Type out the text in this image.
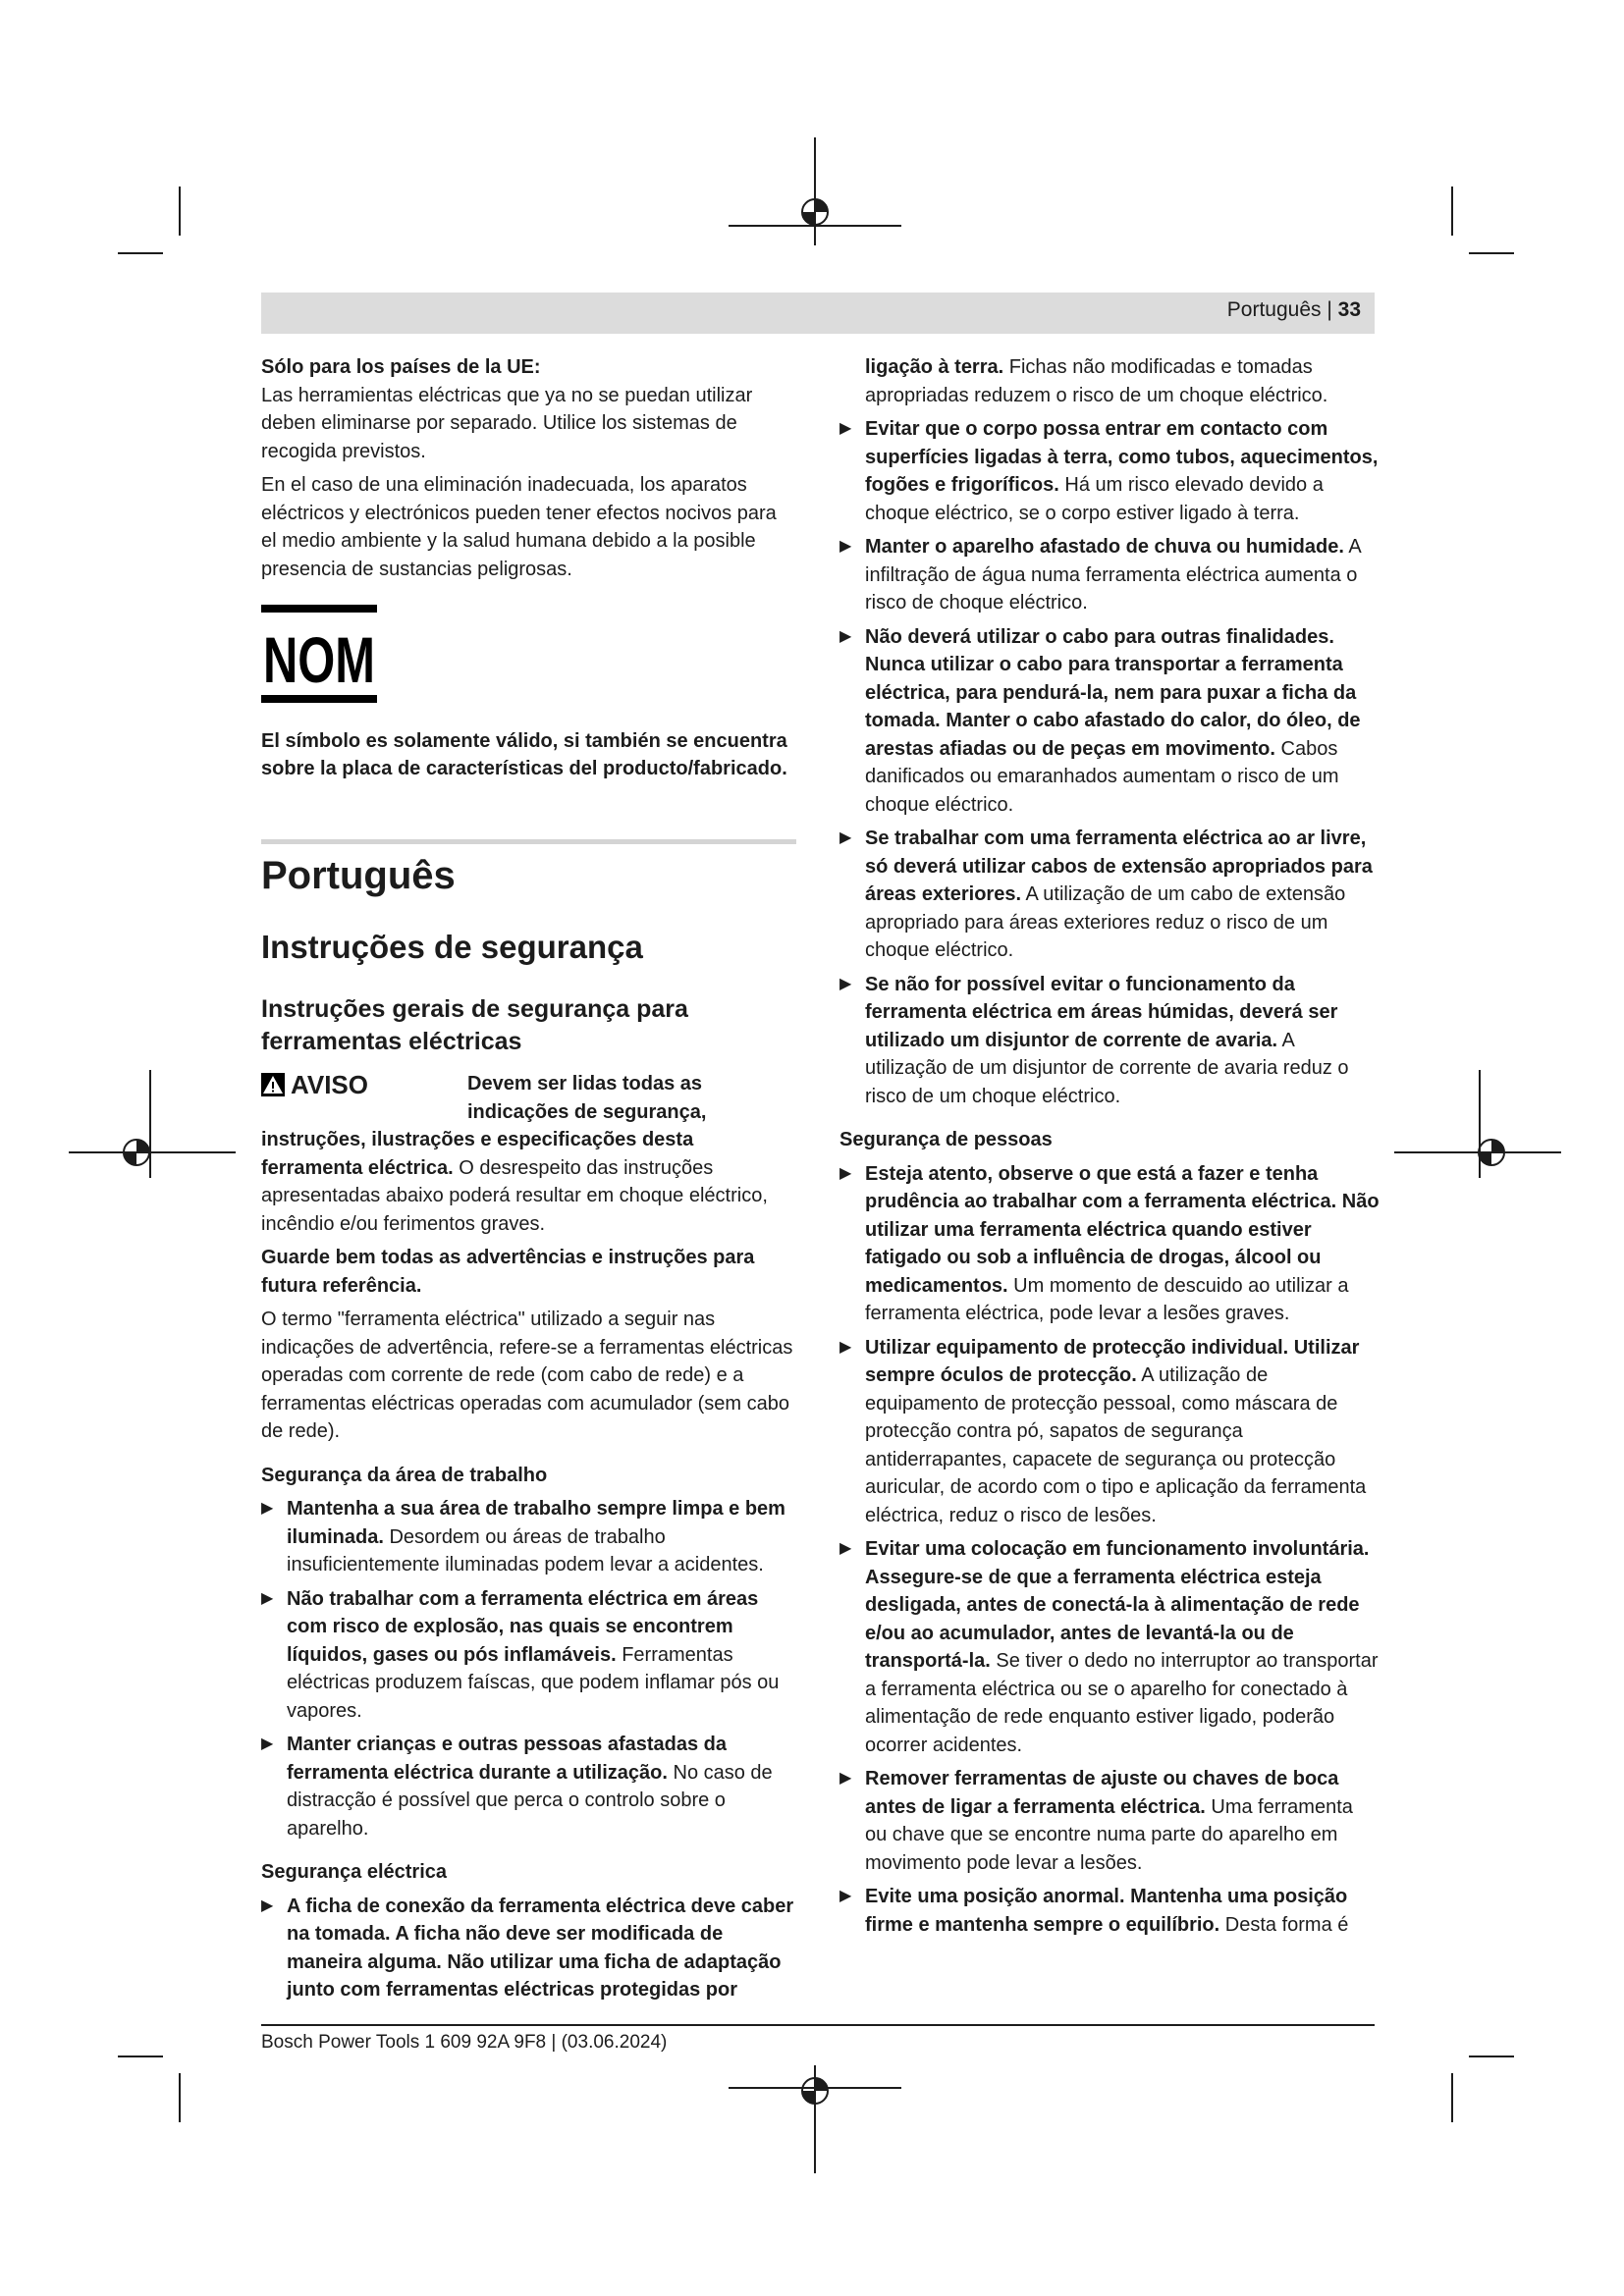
Português | 33

Sólo para los países de la UE:

Las herramientas eléctricas que ya no se puedan utilizar deben eliminarse por separado. Utilice los sistemas de recogida previstos.

En el caso de una eliminación inadecuada, los aparatos eléctricos y electrónicos pueden tener efectos nocivos para el medio ambiente y la salud humana debido a la posible presencia de sustancias peligrosas.

NOM

El símbolo es solamente válido, si también se encuentra sobre la placa de características del producto/fabricado.

Português
Instruções de segurança
Instruções gerais de segurança para ferramentas eléctricas
AVISO	Devem ser lidas todas as indicações de segurança,

instruções, ilustrações e especificações desta ferramenta eléctrica. O desrespeito das instruções apresentadas abaixo poderá resultar em choque eléctrico, incêndio e/ou ferimentos graves.

Guarde bem todas as advertências e instruções para futura referência.

O termo "ferramenta eléctrica" utilizado a seguir nas indicações de advertência, refere-se a ferramentas eléctricas operadas com corrente de rede (com cabo de rede) e a ferramentas eléctricas operadas com acumulador (sem cabo de rede).

Segurança da área de trabalho
▶ Mantenha a sua área de trabalho sempre limpa e bem iluminada. Desordem ou áreas de trabalho insuficientemente iluminadas podem levar a acidentes.
▶ Não trabalhar com a ferramenta eléctrica em áreas com risco de explosão, nas quais se encontrem líquidos, gases ou pós inflamáveis. Ferramentas eléctricas produzem faíscas, que podem inflamar pós ou vapores.
▶ Manter crianças e outras pessoas afastadas da ferramenta eléctrica durante a utilização. No caso de distracção é possível que perca o controlo sobre o aparelho.
Segurança eléctrica
▶ A ficha de conexão da ferramenta eléctrica deve caber na tomada. A ficha não deve ser modificada de maneira alguma. Não utilizar uma ficha de adaptação junto com ferramentas eléctricas protegidas por

ligação à terra. Fichas não modificadas e tomadas apropriadas reduzem o risco de um choque eléctrico.

▶ Evitar que o corpo possa entrar em contacto com superfícies ligadas à terra, como tubos, aquecimentos, fogões e frigoríficos. Há um risco elevado devido a choque eléctrico, se o corpo estiver ligado à terra.
▶ Manter o aparelho afastado de chuva ou humidade. A infiltração de água numa ferramenta eléctrica aumenta o risco de choque eléctrico.
▶ Não deverá utilizar o cabo para outras finalidades. Nunca utilizar o cabo para transportar a ferramenta eléctrica, para pendurá-la, nem para puxar a ficha da tomada. Manter o cabo afastado do calor, do óleo, de arestas afiadas ou de peças em movimento. Cabos danificados ou emaranhados aumentam o risco de um choque eléctrico.
▶ Se trabalhar com uma ferramenta eléctrica ao ar livre, só deverá utilizar cabos de extensão apropriados para áreas exteriores. A utilização de um cabo de extensão apropriado para áreas exteriores reduz o risco de um choque eléctrico.
▶ Se não for possível evitar o funcionamento da ferramenta eléctrica em áreas húmidas, deverá ser utilizado um disjuntor de corrente de avaria. A utilização de um disjuntor de corrente de avaria reduz o risco de um choque eléctrico.
Segurança de pessoas
▶ Esteja atento, observe o que está a fazer e tenha prudência ao trabalhar com a ferramenta eléctrica. Não utilizar uma ferramenta eléctrica quando estiver fatigado ou sob a influência de drogas, álcool ou medicamentos. Um momento de descuido ao utilizar a ferramenta eléctrica, pode levar a lesões graves.
▶ Utilizar equipamento de protecção individual. Utilizar sempre óculos de protecção. A utilização de equipamento de protecção pessoal, como máscara de protecção contra pó, sapatos de segurança antiderrapantes, capacete de segurança ou protecção auricular, de acordo com o tipo e aplicação da ferramenta eléctrica, reduz o risco de lesões.
▶ Evitar uma colocação em funcionamento involuntária. Assegure-se de que a ferramenta eléctrica esteja desligada, antes de conectá-la à alimentação de rede e/ou ao acumulador, antes de levantá-la ou de transportá-la. Se tiver o dedo no interruptor ao transportar a ferramenta eléctrica ou se o aparelho for conectado à alimentação de rede enquanto estiver ligado, poderão ocorrer acidentes.
▶ Remover ferramentas de ajuste ou chaves de boca antes de ligar a ferramenta eléctrica. Uma ferramenta ou chave que se encontre numa parte do aparelho em movimento pode levar a lesões.
▶ Evite uma posição anormal. Mantenha uma posição firme e mantenha sempre o equilíbrio. Desta forma é
Bosch Power Tools 1 609 92A 9F8 | (03.06.2024)
